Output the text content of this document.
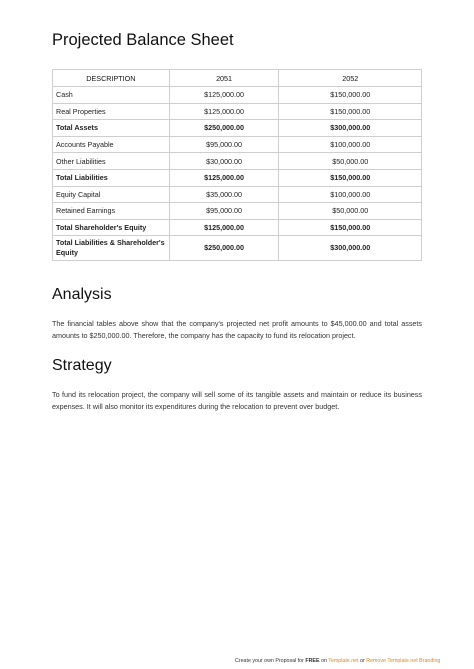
Projected Balance Sheet
DESCRIPTION	2051	2052
Cash	$125,000.00	$150,000.00
Real Properties	$125,000.00	$150,000.00
Total Assets	$250,000.00	$300,000.00
Accounts Payable	$95,000.00	$100,000.00
Other Liabilities	$30,000.00	$50,000.00
Total Liabilities	$125,000.00	$150,000.00
Equity Capital	$35,000.00	$100,000.00
Retained Earnings	$95,000.00	$50,000.00
Total Shareholder's Equity	$125,000.00	$150,000.00
Total Liabilities & Shareholder's Equity	$250,000.00	$300,000.00
Analysis

The financial tables above show that the company's projected net profit amounts to $45,000.00 and total assets amounts to $250,000.00. Therefore, the company has the capacity to fund its relocation project.

Strategy

To fund its relocation project, the company will sell some of its tangible assets and maintain or reduce its business expenses. It will also monitor its expenditures during the relocation to prevent over budget.

Create your own Proposal for FREE on Template.net or Remove Template.net Branding
